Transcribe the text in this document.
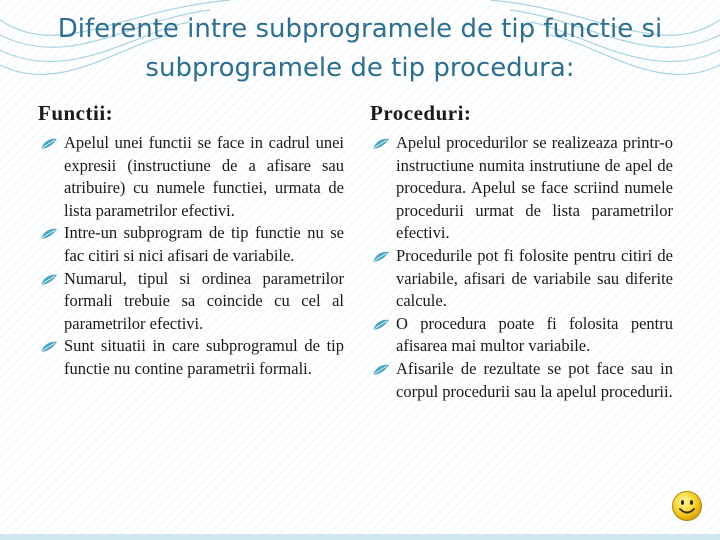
Diferente intre subprogramele de tip functie si
subprogramele de tip procedura:
Functii:
Apelul unei functii se face in cadrul unei expresii (instructiune de a afisare sau atribuire) cu numele functiei, urmata de lista parametrilor efectivi.
Intre-un subprogram de tip functie nu se fac citiri si nici afisari de variabile.
Numarul, tipul si ordinea parametrilor formali trebuie sa coincide cu cel al parametrilor efectivi.
Sunt situatii in care subprogramul de tip functie nu contine parametrii formali.
Proceduri:
Apelul procedurilor se realizeaza printr-o instructiune numita instrutiune de apel de procedura. Apelul se face scriind numele procedurii urmat de lista parametrilor efectivi.
Procedurile pot fi folosite pentru citiri de variabile, afisari de variabile sau diferite calcule.
O procedura poate fi folosita pentru afisarea mai multor variabile.
Afisarile de rezultate se pot face sau in corpul procedurii sau la apelul procedurii.
